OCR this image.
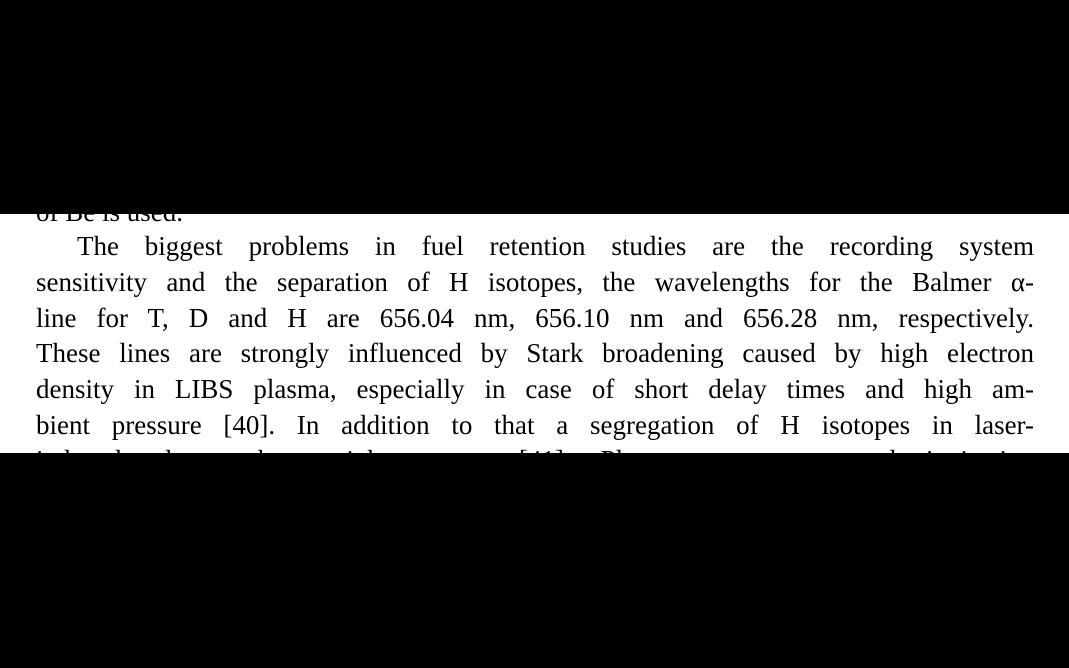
of Be is used.

The biggest problems in fuel retention studies are the recording system

sensitivity and the separation of H isotopes, the wavelengths for the Balmer α-

line for T, D and H are 656.04 nm, 656.10 nm and 656.28 nm, respectively.

These lines are strongly influenced by Stark broadening caused by high electron

density in LIBS plasma, especially in case of short delay times and high am-

bient pressure [40]. In addition to that a segregation of H isotopes in laser-

induced plasma by weight occurs [41]. Plasma parameters and ionization
